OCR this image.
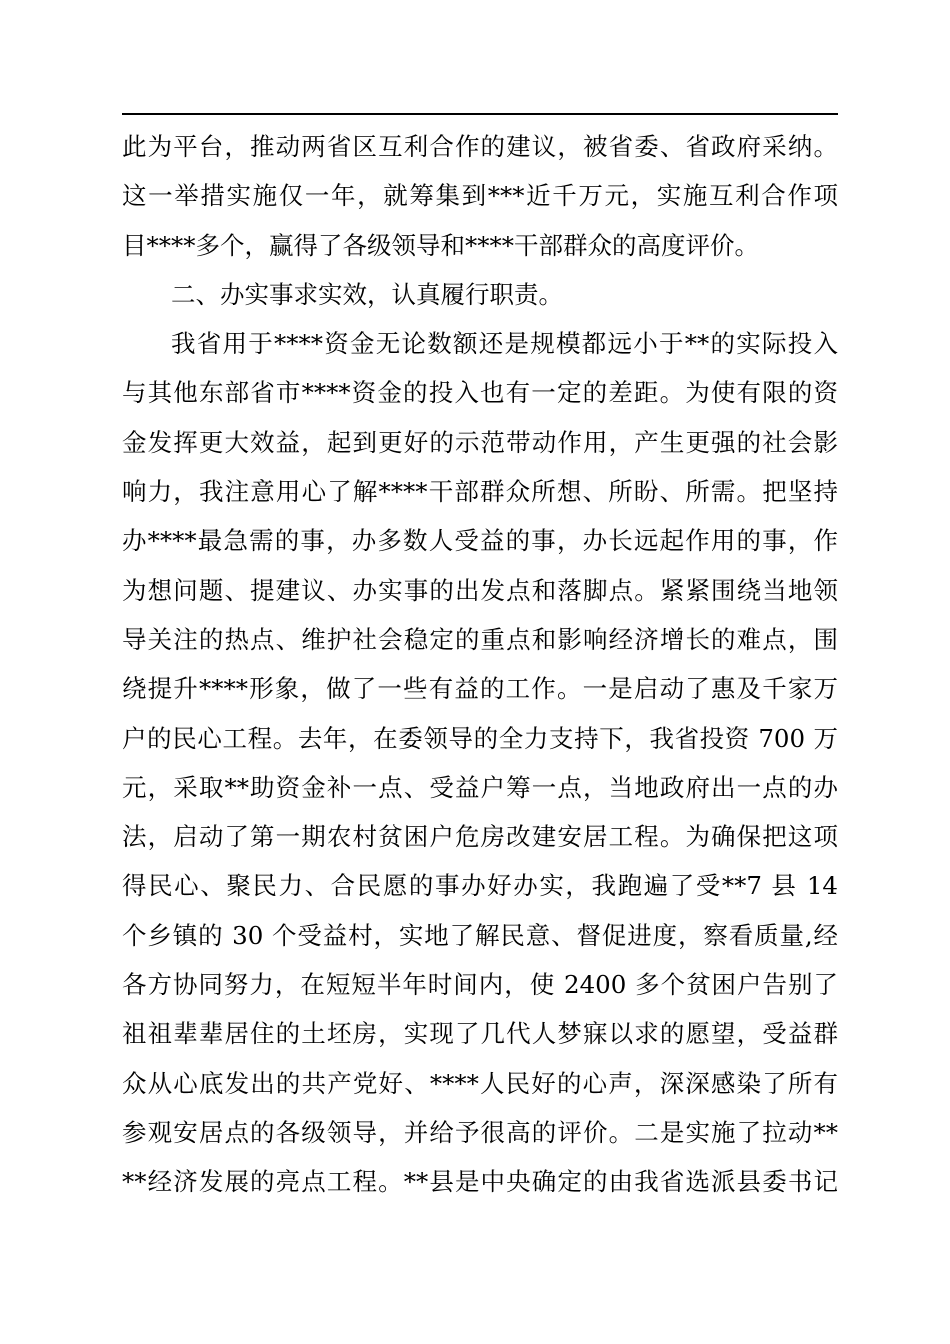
此为平台，推动两省区互利合作的建议，被省委、省政府采纳。
这一举措实施仅一年，就筹集到***近千万元，实施互利合作项
目****多个，赢得了各级领导和****干部群众的高度评价。
二、办实事求实效，认真履行职责。
我省用于****资金无论数额还是规模都远小于**的实际投入
与其他东部省市****资金的投入也有一定的差距。为使有限的资
金发挥更大效益，起到更好的示范带动作用，产生更强的社会影
响力，我注意用心了解****干部群众所想、所盼、所需。把坚持
办****最急需的事，办多数人受益的事，办长远起作用的事，作
为想问题、提建议、办实事的出发点和落脚点。紧紧围绕当地领
导关注的热点、维护社会稳定的重点和影响经济增长的难点，围
绕提升****形象，做了一些有益的工作。一是启动了惠及千家万
户的民心工程。去年，在委领导的全力支持下，我省投资 700 万
元，采取**助资金补一点、受益户筹一点，当地政府出一点的办
法，启动了第一期农村贫困户危房改建安居工程。为确保把这项
得民心、聚民力、合民愿的事办好办实，我跑遍了受**7 县 14
个乡镇的 30 个受益村，实地了解民意、督促进度，察看质量,经
各方协同努力，在短短半年时间内，使 2400 多个贫困户告别了
祖祖辈辈居住的土坯房，实现了几代人梦寐以求的愿望，受益群
众从心底发出的共产党好、****人民好的心声，深深感染了所有
参观安居点的各级领导，并给予很高的评价。二是实施了拉动**
**经济发展的亮点工程。**县是中央确定的由我省选派县委书记
